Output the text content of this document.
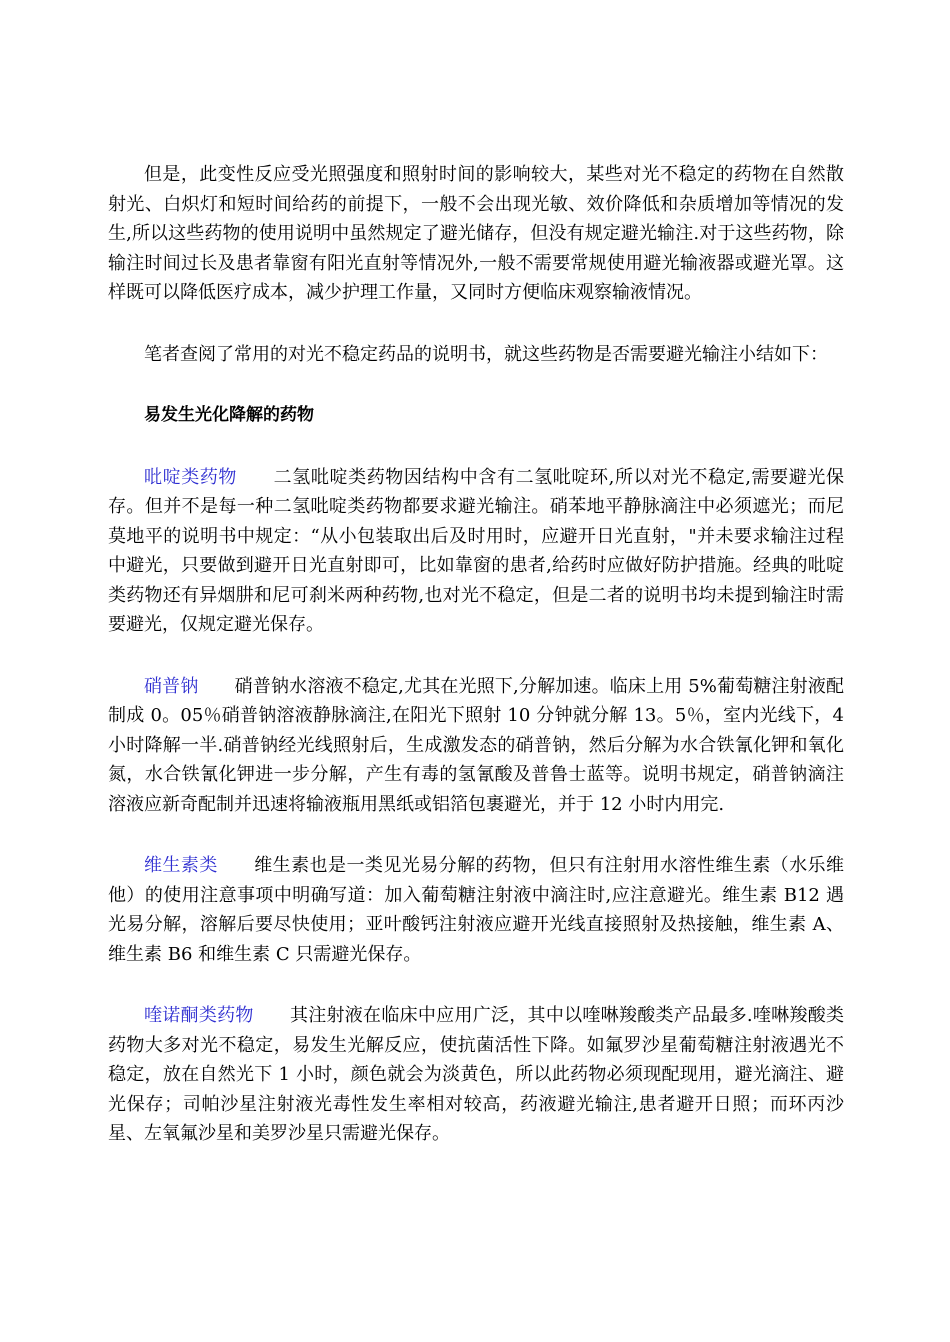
但是，此变性反应受光照强度和照射时间的影响较大，某些对光不稳定的药物在自然散射光、白炽灯和短时间给药的前提下，一般不会出现光敏、效价降低和杂质增加等情况的发生,所以这些药物的使用说明中虽然规定了避光储存，但没有规定避光输注.对于这些药物，除输注时间过长及患者靠窗有阳光直射等情况外,一般不需要常规使用避光输液器或避光罩。这样既可以降低医疗成本，减少护理工作量，又同时方便临床观察输液情况。

笔者查阅了常用的对光不稳定药品的说明书，就这些药物是否需要避光输注小结如下：

易发生光化降解的药物

吡啶类药物 二氢吡啶类药物因结构中含有二氢吡啶环,所以对光不稳定,需要避光保存。但并不是每一种二氢吡啶类药物都要求避光输注。硝苯地平静脉滴注中必须遮光；而尼莫地平的说明书中规定：“从小包装取出后及时用时，应避开日光直射，"并未要求输注过程中避光，只要做到避开日光直射即可，比如靠窗的患者,给药时应做好防护措施。经典的吡啶类药物还有异烟肼和尼可刹米两种药物,也对光不稳定，但是二者的说明书均未提到输注时需要避光，仅规定避光保存。

硝普钠 硝普钠水溶液不稳定,尤其在光照下,分解加速。临床上用 5%葡萄糖注射液配制成 0。05％硝普钠溶液静脉滴注,在阳光下照射 10 分钟就分解 13。5％，室内光线下，4 小时降解一半.硝普钠经光线照射后，生成激发态的硝普钠，然后分解为水合铁氰化钾和氧化氮，水合铁氰化钾进一步分解，产生有毒的氢氰酸及普鲁士蓝等。说明书规定，硝普钠滴注溶液应新奇配制并迅速将输液瓶用黑纸或铝箔包裹避光，并于 12 小时内用完.

维生素类 维生素也是一类见光易分解的药物，但只有注射用水溶性维生素（水乐维他）的使用注意事项中明确写道：加入葡萄糖注射液中滴注时,应注意避光。维生素 B12 遇光易分解，溶解后要尽快使用；亚叶酸钙注射液应避开光线直接照射及热接触，维生素 A、维生素 B6 和维生素 C 只需避光保存。

喹诺酮类药物 其注射液在临床中应用广泛，其中以喹啉羧酸类产品最多.喹啉羧酸类药物大多对光不稳定，易发生光解反应，使抗菌活性下降。如氟罗沙星葡萄糖注射液遇光不稳定，放在自然光下 1 小时，颜色就会为淡黄色，所以此药物必须现配现用，避光滴注、避光保存；司帕沙星注射液光毒性发生率相对较高，药液避光输注,患者避开日照；而环丙沙星、左氧氟沙星和美罗沙星只需避光保存。
